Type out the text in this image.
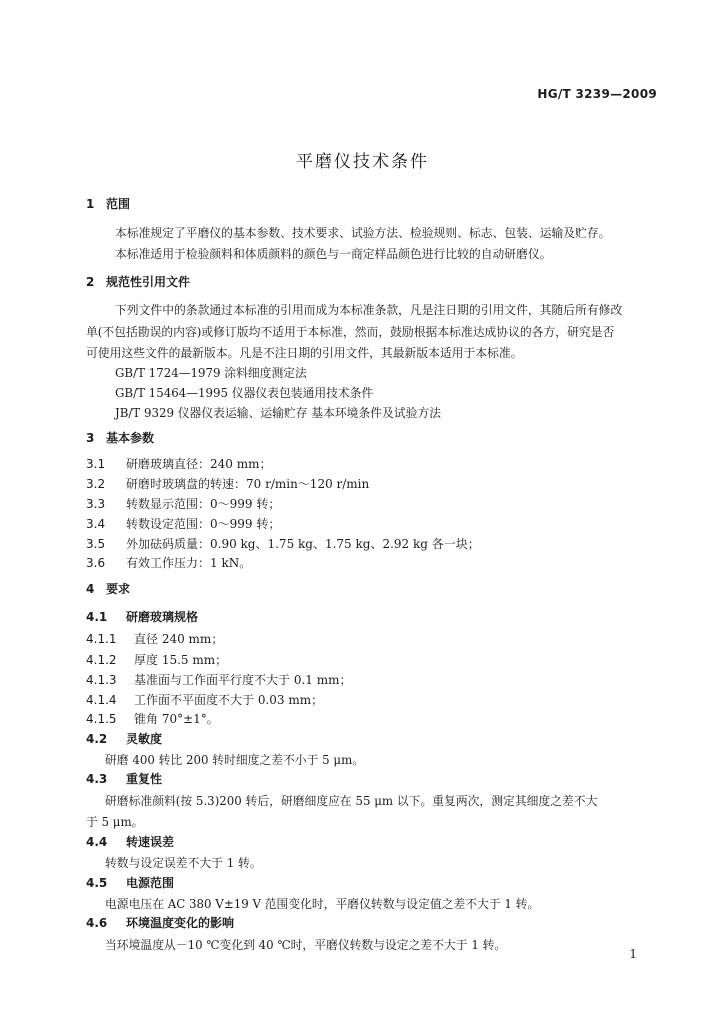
HG/T 3239—2009
平磨仪技术条件
1 范围
本标准规定了平磨仪的基本参数、技术要求、试验方法、检验规则、标志、包装、运输及贮存。
本标准适用于检验颜料和体质颜料的颜色与一商定样品颜色进行比较的自动研磨仪。
2 规范性引用文件
下列文件中的条款通过本标准的引用而成为本标准条款，凡是注日期的引用文件，其随后所有修改
单(不包括勘误的内容)或修订版均不适用于本标准，然而，鼓励根据本标准达成协议的各方，研究是否
可使用这些文件的最新版本。凡是不注日期的引用文件，其最新版本适用于本标准。
GB/T 1724—1979 涂料细度测定法
GB/T 15464—1995 仪器仪表包装通用技术条件
JB/T 9329 仪器仪表运输、运输贮存 基本环境条件及试验方法
3 基本参数
3.1 研磨玻璃直径：240 mm；
3.2 研磨时玻璃盘的转速：70 r/min～120 r/min
3.3 转数显示范围：0～999 转；
3.4 转数设定范围：0～999 转；
3.5 外加砝码质量：0.90 kg、1.75 kg、1.75 kg、2.92 kg 各一块；
3.6 有效工作压力：1 kN。
4 要求
4.1 研磨玻璃规格
4.1.1 直径 240 mm；
4.1.2 厚度 15.5 mm；
4.1.3 基准面与工作面平行度不大于 0.1 mm；
4.1.4 工作面不平面度不大于 0.03 mm；
4.1.5 锥角 70°±1°。
4.2 灵敏度
研磨 400 转比 200 转时细度之差不小于 5 μm。
4.3 重复性
研磨标准颜料(按 5.3)200 转后，研磨细度应在 55 μm 以下。重复两次，测定其细度之差不大
于 5 μm。
4.4 转速误差
转数与设定误差不大于 1 转。
4.5 电源范围
电源电压在 AC 380 V±19 V 范围变化时，平磨仪转数与设定值之差不大于 1 转。
4.6 环境温度变化的影响
当环境温度从－10 ℃变化到 40 ℃时，平磨仪转数与设定之差不大于 1 转。
1
